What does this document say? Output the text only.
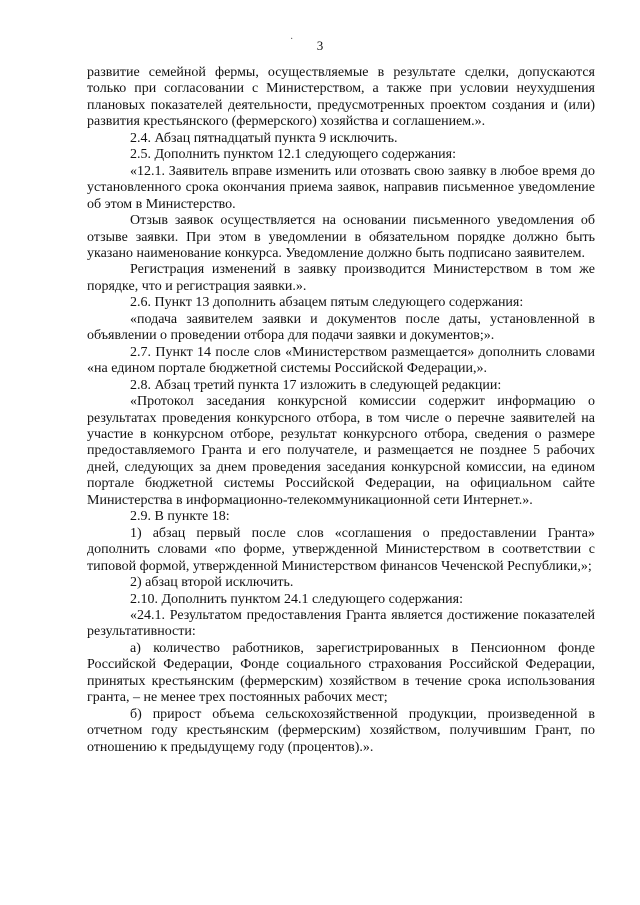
·	3

развитие семейной фермы, осуществляемые в результате сделки, допускаются только при согласовании с Министерством, а также при условии неухудшения плановых показателей деятельности, предусмотренных проектом создания и (или) развития крестьянского (фермерского) хозяйства и соглашением.».

2.4. Абзац пятнадцатый пункта 9 исключить.

2.5. Дополнить пунктом 12.1 следующего содержания:

«12.1. Заявитель вправе изменить или отозвать свою заявку в любое время до установленного срока окончания приема заявок, направив письменное уведомление об этом в Министерство.

Отзыв заявок осуществляется на основании письменного уведомления об отзыве заявки. При этом в уведомлении в обязательном порядке должно быть указано наименование конкурса. Уведомление должно быть подписано заявителем.

Регистрация изменений в заявку производится Министерством в том же порядке, что и регистрация заявки.».

2.6. Пункт 13 дополнить абзацем пятым следующего содержания:

«подача заявителем заявки и документов после даты, установленной в объявлении о проведении отбора для подачи заявки и документов;».

2.7. Пункт 14 после слов «Министерством размещается» дополнить словами «на едином портале бюджетной системы Российской Федерации,».

2.8. Абзац третий пункта 17 изложить в следующей редакции:

«Протокол заседания конкурсной комиссии содержит информацию о результатах проведения конкурсного отбора, в том числе о перечне заявителей на участие в конкурсном отборе, результат конкурсного отбора, сведения о размере предоставляемого Гранта и его получателе, и размещается не позднее 5 рабочих дней, следующих за днем проведения заседания конкурсной комиссии, на едином портале бюджетной системы Российской Федерации, на официальном сайте Министерства в информационно-телекоммуникационной сети Интернет.».

2.9. В пункте 18:

1) абзац первый после слов «соглашения о предоставлении Гранта» дополнить словами «по форме, утвержденной Министерством в соответствии с типовой формой, утвержденной Министерством финансов Чеченской Республики,»;

2) абзац второй исключить.

2.10. Дополнить пунктом 24.1 следующего содержания:

«24.1. Результатом предоставления Гранта является достижение показателей результативности:

а) количество работников, зарегистрированных в Пенсионном фонде Российской Федерации, Фонде социального страхования Российской Федерации, принятых крестьянским (фермерским) хозяйством в течение срока использования гранта, – не менее трех постоянных рабочих мест;

б) прирост объема сельскохозяйственной продукции, произведенной в отчетном году крестьянским (фермерским) хозяйством, получившим Грант, по отношению к предыдущему году (процентов).».
